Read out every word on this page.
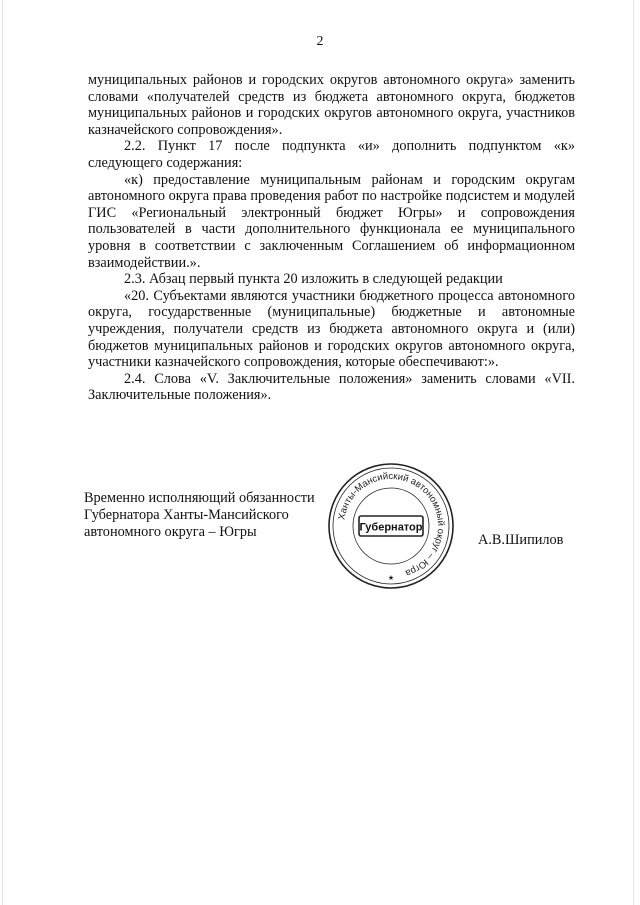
2

муниципальных районов и городских округов автономного округа» заменить словами «получателей средств из бюджета автономного округа, бюджетов муниципальных районов и городских округов автономного округа, участников казначейского сопровождения».

2.2. Пункт 17 после подпункта «и» дополнить подпунктом «к» следующего содержания:

«к) предоставление муниципальным районам и городским округам автономного округа права проведения работ по настройке подсистем и модулей ГИС «Региональный электронный бюджет Югры» и сопровождения пользователей в части дополнительного функционала ее муниципального уровня в соответствии с заключенным Соглашением об информационном взаимодействии.».

2.3. Абзац первый пункта 20 изложить в следующей редакции

«20. Субъектами являются участники бюджетного процесса автономного округа, государственные (муниципальные) бюджетные и автономные учреждения, получатели средств из бюджета автономного округа и (или) бюджетов муниципальных районов и городских округов автономного округа, участники казначейского сопровождения, которые обеспечивают:».

2.4. Слова «V. Заключительные положения» заменить словами «VII. Заключительные положения».

Временно исполняющий обязанности
Губернатора Ханты-Мансийского
автономного округа – Югры
Ханты-Мансийский автономный округ – Югра
Губернатор
★
А.В.Шипилов
